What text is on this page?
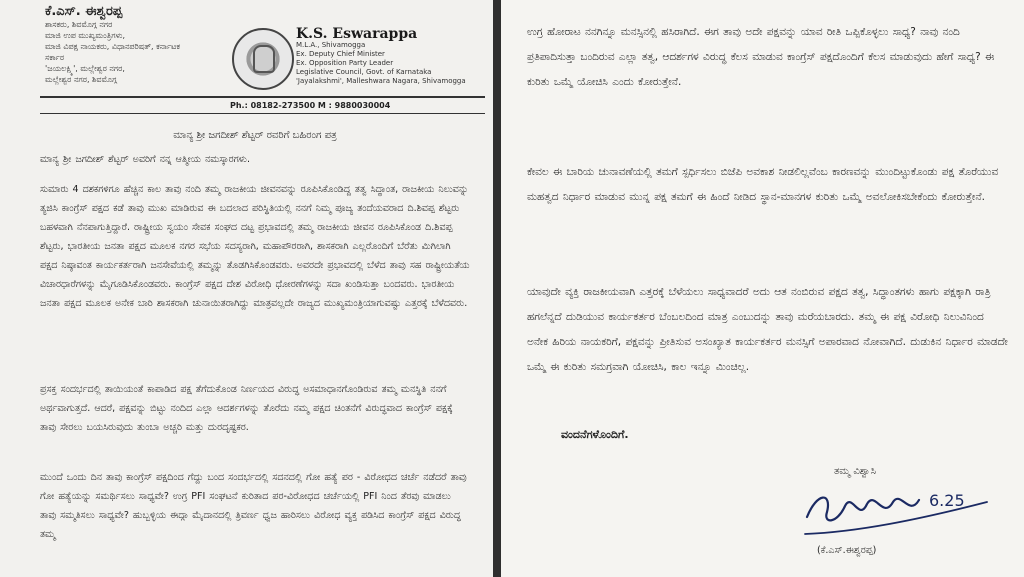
ಕೆ.ಎಸ್. ಈಶ್ವರಪ್ಪ
ಶಾಸಕರು, ಶಿವಮೊಗ್ಗ ನಗರ
ಮಾಜಿ ಉಪ ಮುಖ್ಯಮಂತ್ರಿಗಳು,
ಮಾಜಿ ವಿಪಕ್ಷ ನಾಯಕರು, ವಿಧಾನಪರಿಷತ್, ಕರ್ನಾಟಕ ಸರ್ಕಾರ
'ಜಯಲಕ್ಷ್ಮಿ', ಮಲ್ಲೇಶ್ವರ ನಗರ,
ಮಲ್ಲೇಶ್ವರ ನಗರ, ಶಿವಮೊಗ್ಗ
K.S. Eswarappa
M.L.A., Shivamogga
Ex. Deputy Chief Minister
Ex. Opposition Party Leader
Legislative Council, Govt. of Karnataka
'Jayalakshmi', Malleshwara Nagara, Shivamogga
Ph.: 08182-273500 M : 9880030004
ಮಾನ್ಯ ಶ್ರೀ ಜಗದೀಶ್ ಶೆಟ್ಟರ್ ರವರಿಗೆ ಬಹಿರಂಗ ಪತ್ರ
ಮಾನ್ಯ ಶ್ರೀ ಜಗದೀಶ್ ಶೆಟ್ಟರ್ ಅವರಿಗೆ ನನ್ನ ಆತ್ಮೀಯ ನಮಸ್ಕಾರಗಳು.
ಸುಮಾರು 4 ದಶಕಗಳಿಗೂ ಹೆಚ್ಚಿನ ಕಾಲ ತಾವು ನಂದಿ ತಮ್ಮ ರಾಜಕೀಯ ಜೀವನವನ್ನು ರೂಪಿಸಿಕೊಂಡಿದ್ದ ತತ್ವ ಸಿದ್ಧಾಂತ, ರಾಜಕೀಯ ನಿಲುವನ್ನು ತ್ಯಜಿಸಿ ಕಾಂಗ್ರೆಸ್ ಪಕ್ಷದ ಕಡೆ ತಾವು ಮುಖ ಮಾಡಿರುವ ಈ ಬದಲಾದ ಪರಿಸ್ಥಿತಿಯಲ್ಲಿ ನನಗೆ ನಿಮ್ಮ ಪೂಜ್ಯ ತಂದೆಯವರಾದ ದಿ.ಶಿವಪ್ಪ ಶೆಟ್ಟರು ಬಹಳವಾಗಿ ನೆನಪಾಗುತ್ತಿದ್ದಾರೆ. ರಾಷ್ಟ್ರೀಯ ಸ್ವಯಂ ಸೇವಕ ಸಂಘದ ದಟ್ಟ ಪ್ರಭಾವದಲ್ಲಿ ತಮ್ಮ ರಾಜಕೀಯ ಜೀವನ ರೂಪಿಸಿಕೊಂಡ ದಿ.ಶಿವಪ್ಪ ಶೆಟ್ಟರು, ಭಾರತೀಯ ಜನತಾ ಪಕ್ಷದ ಮೂಲಕ ನಗರ ಸಭೆಯ ಸದಸ್ಯರಾಗಿ, ಮಹಾಪೌರರಾಗಿ, ಶಾಸಕರಾಗಿ ಎಲ್ಲರೊಂದಿಗೆ ಬೆರೆತು ಮಿಗಿಲಾಗಿ ಪಕ್ಷದ ನಿಷ್ಠಾವಂತ ಕಾರ್ಯಕರ್ತರಾಗಿ ಜನಸೇವೆಯಲ್ಲಿ ತಮ್ಮನ್ನು ತೊಡಗಿಸಿಕೊಂಡವರು. ಅವರದೇ ಪ್ರಭಾವದಲ್ಲಿ ಬೆಳೆದ ತಾವು ಸಹ ರಾಷ್ಟ್ರೀಯತೆಯ ವಿಚಾರಧಾರೆಗಳನ್ನು ಮೈಗೂಡಿಸಿಕೊಂಡವರು. ಕಾಂಗ್ರೆಸ್ ಪಕ್ಷದ ದೇಶ ವಿರೋಧಿ ಧೋರಣೆಗಳನ್ನು ಸದಾ ಖಂಡಿಸುತ್ತಾ ಬಂದವರು. ಭಾರತೀಯ ಜನತಾ ಪಕ್ಷದ ಮೂಲಕ ಅನೇಕ ಬಾರಿ ಶಾಸಕರಾಗಿ ಚುನಾಯಿತರಾಗಿದ್ದು ಮಾತ್ರವಲ್ಲದೇ ರಾಜ್ಯದ ಮುಖ್ಯಮಂತ್ರಿಯಾಗುವಷ್ಟು ಎತ್ತರಕ್ಕೆ ಬೆಳೆದವರು.
ಪ್ರಸಕ್ತ ಸಂದರ್ಭದಲ್ಲಿ ತಾಯಿಯಂತೆ ಕಾಪಾಡಿದ ಪಕ್ಷ ತೆಗೆದುಕೊಂಡ ನಿರ್ಣಯದ ವಿರುದ್ಧ ಅಸಮಾಧಾನಗೊಂಡಿರುವ ತಮ್ಮ ಮನಸ್ಥಿತಿ ನನಗೆ ಅರ್ಥವಾಗುತ್ತದೆ. ಆದರೆ, ಪಕ್ಷವನ್ನು ಬಿಟ್ಟು ನಂದಿದ ಎಲ್ಲಾ ಆದರ್ಶಗಳನ್ನು ತೊರೆದು ನಮ್ಮ ಪಕ್ಷದ ಚಿಂತನೆಗೆ ವಿರುದ್ಧವಾದ ಕಾಂಗ್ರೆಸ್ ಪಕ್ಷಕ್ಕೆ ತಾವು ಸೇರಲು ಬಯಸಿರುವುದು ತುಂಬಾ ಅಚ್ಚರಿ ಮತ್ತು ದುರದೃಷ್ಟಕರ.
ಮುಂದೆ ಒಂದು ದಿನ ತಾವು ಕಾಂಗ್ರೆಸ್ ಪಕ್ಷದಿಂದ ಗೆದ್ದು ಬಂದ ಸಂದರ್ಭದಲ್ಲಿ ಸದನದಲ್ಲಿ ಗೋ ಹತ್ಯೆ ಪರ - ವಿರೋಧದ ಚರ್ಚೆ ನಡೆದರೆ ತಾವು ಗೋ ಹತ್ಯೆಯನ್ನು ಸಮರ್ಥಿಸಲು ಸಾಧ್ಯವೇ? ಉಗ್ರ PFI ಸಂಘಟನೆ ಕುರಿತಾದ ಪರ-ವಿರೋಧದ ಚರ್ಚೆಯಲ್ಲಿ PFI ನಿಂದ ತೆರವು ಮಾಡಲು ತಾವು ಸಮ್ಮತಿಸಲು ಸಾಧ್ಯವೇ? ಹುಬ್ಬಳ್ಳಿಯ ಈದ್ಗಾ ಮೈದಾನದಲ್ಲಿ ತ್ರಿವರ್ಣ ಧ್ವಜ ಹಾರಿಸಲು ವಿರೋಧ ವ್ಯಕ್ತ ಪಡಿಸಿದ ಕಾಂಗ್ರೆಸ್ ಪಕ್ಷದ ವಿರುದ್ಧ ತಮ್ಮ
ಉಗ್ರ ಹೋರಾಟ ನನಗಿನ್ನೂ ಮನಸ್ಸಿನಲ್ಲಿ ಹಸಿರಾಗಿದೆ. ಈಗ ತಾವು ಅದೇ ಪಕ್ಷವನ್ನು ಯಾವ ರೀತಿ ಒಪ್ಪಿಕೊಳ್ಳಲು ಸಾಧ್ಯ? ನಾವು ನಂದಿ ಪ್ರತಿಪಾದಿಸುತ್ತಾ ಬಂದಿರುವ ಎಲ್ಲಾ ತತ್ವ, ಆದರ್ಶಗಳ ವಿರುದ್ಧ ಕೆಲಸ ಮಾಡುವ ಕಾಂಗ್ರೆಸ್ ಪಕ್ಷದೊಂದಿಗೆ ಕೆಲಸ ಮಾಡುವುದು ಹೇಗೆ ಸಾಧ್ಯ? ಈ ಕುರಿತು ಒಮ್ಮೆ ಯೋಚಿಸಿ ಎಂದು ಕೋರುತ್ತೇನೆ.
ಕೇವಲ ಈ ಬಾರಿಯ ಚುನಾವಣೆಯಲ್ಲಿ ತಮಗೆ ಸ್ಪರ್ಧಿಸಲು ಬಿಜೆಪಿ ಅವಕಾಶ ನೀಡಲಿಲ್ಲವೆಂಬ ಕಾರಣವನ್ನು ಮುಂದಿಟ್ಟುಕೊಂಡು ಪಕ್ಷ ತೊರೆಯುವ ಮಹತ್ವದ ನಿರ್ಧಾರ ಮಾಡುವ ಮುನ್ನ ಪಕ್ಷ ತಮಗೆ ಈ ಹಿಂದೆ ನೀಡಿದ ಸ್ಥಾನ-ಮಾನಗಳ ಕುರಿತು ಒಮ್ಮೆ ಅವಲೋಕಿಸಬೇಕೆಂದು ಕೋರುತ್ತೇನೆ.
ಯಾವುದೇ ವ್ಯಕ್ತಿ ರಾಜಕೀಯವಾಗಿ ಎತ್ತರಕ್ಕೆ ಬೆಳೆಯಲು ಸಾಧ್ಯವಾದರೆ ಅದು ಆತ ನಂಬಿರುವ ಪಕ್ಷದ ತತ್ವ, ಸಿದ್ಧಾಂತಗಳು ಹಾಗು ಪಕ್ಷಕ್ಕಾಗಿ ರಾತ್ರಿ ಹಗಲೆನ್ನದೆ ದುಡಿಯುವ ಕಾರ್ಯಕರ್ತರ ಬೆಂಬಲದಿಂದ ಮಾತ್ರ ಎಂಬುದನ್ನು ತಾವು ಮರೆಯಬಾರದು. ತಮ್ಮ ಈ ಪಕ್ಷ ವಿರೋಧಿ ನಿಲುವಿನಿಂದ ಅನೇಕ ಹಿರಿಯ ನಾಯಕರಿಗೆ, ಪಕ್ಷವನ್ನು ಪ್ರೀತಿಸುವ ಅಸಂಖ್ಯಾತ ಕಾರ್ಯಕರ್ತರ ಮನಸ್ಸಿಗೆ ಅಪಾರವಾದ ನೋವಾಗಿದೆ. ದುಡುಕಿನ ನಿರ್ಧಾರ ಮಾಡದೇ ಒಮ್ಮೆ ಈ ಕುರಿತು ಸಮಗ್ರವಾಗಿ ಯೋಚಿಸಿ, ಕಾಲ ಇನ್ನೂ ಮಿಂಚಿಲ್ಲ.
ವಂದನೆಗಳೊಂದಿಗೆ.
ತಮ್ಮ ವಿಶ್ವಾಸಿ
6.25
(ಕೆ.ಎಸ್.ಈಶ್ವರಪ್ಪ)
